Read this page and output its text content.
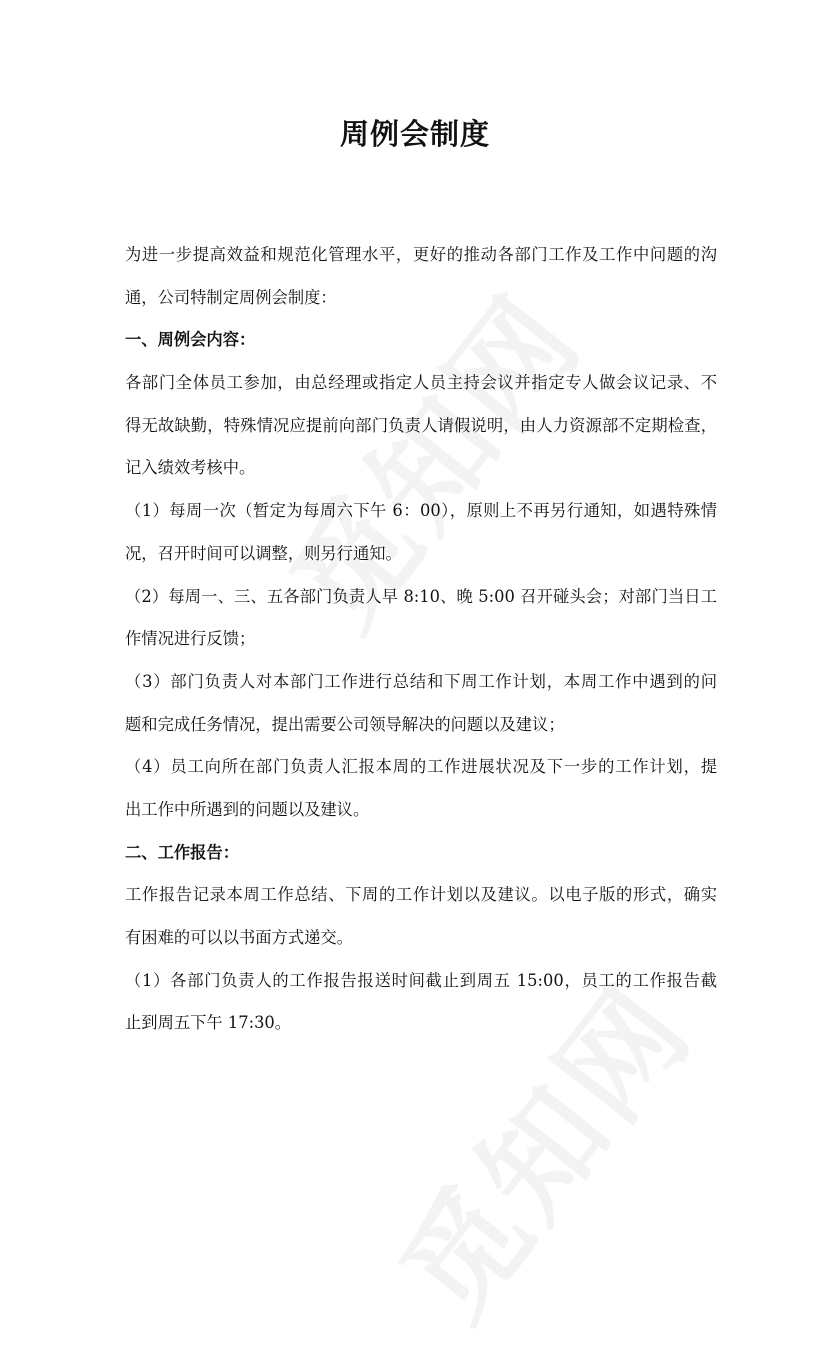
周例会制度
为进一步提高效益和规范化管理水平，更好的推动各部门工作及工作中问题的沟
通，公司特制定周例会制度：
一、周例会内容：
各部门全体员工参加，由总经理或指定人员主持会议并指定专人做会议记录、不
得无故缺勤，特殊情况应提前向部门负责人请假说明，由人力资源部不定期检查，
记入绩效考核中。
（1）每周一次（暂定为每周六下午 6：00），原则上不再另行通知，如遇特殊情
况，召开时间可以调整，则另行通知。
（2）每周一、三、五各部门负责人早 8:10、晚 5:00 召开碰头会；对部门当日工
作情况进行反馈；
（3）部门负责人对本部门工作进行总结和下周工作计划，本周工作中遇到的问
题和完成任务情况，提出需要公司领导解决的问题以及建议；
（4）员工向所在部门负责人汇报本周的工作进展状况及下一步的工作计划，提
出工作中所遇到的问题以及建议。
二、工作报告：
工作报告记录本周工作总结、下周的工作计划以及建议。以电子版的形式，确实
有困难的可以以书面方式递交。
（1）各部门负责人的工作报告报送时间截止到周五 15:00，员工的工作报告截
止到周五下午 17:30。
